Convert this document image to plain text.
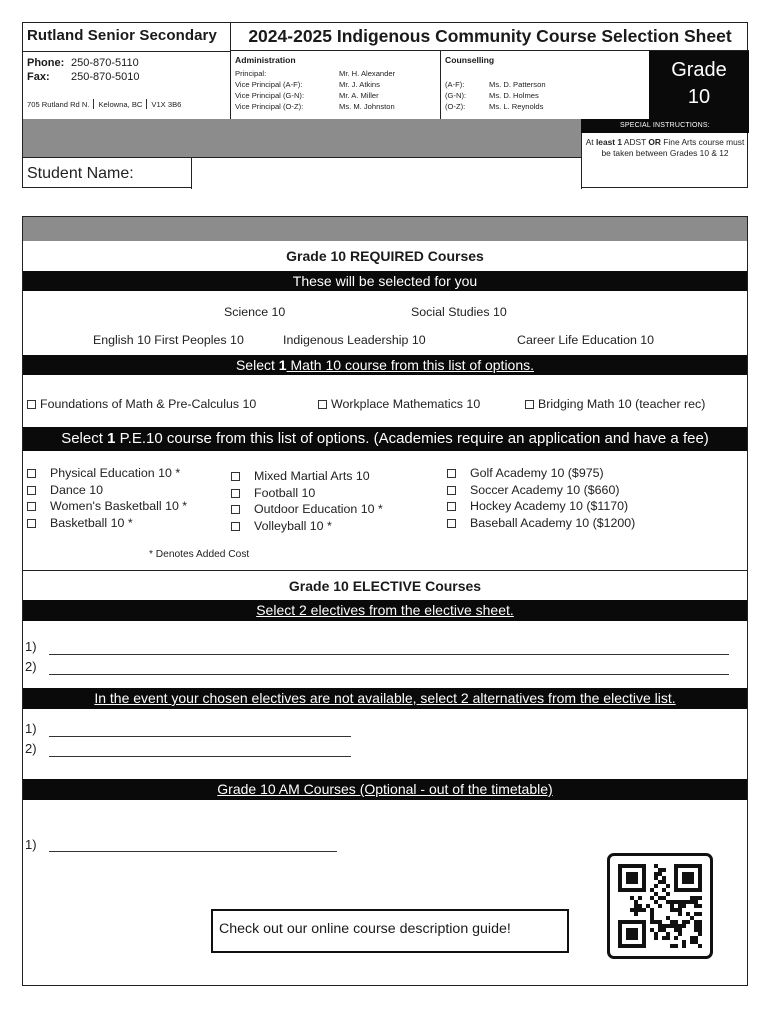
Rutland Senior Secondary
Phone: 250-870-5110
Fax: 250-870-5010
705 Rutland Rd N. Kelowna, BC V1X 3B6
2024-2025 Indigenous Community Course Selection Sheet
Administration
Principal:	Mr. H. Alexander
Vice Principal (A-F):	Mr. J. Atkins
Vice Principal (G-N):	Mr. A. Miller
Vice Principal (O-Z):	Ms. M. Johnston
Counselling
(A-F):	Ms. D. Patterson
(G-N):	Ms. D. Holmes
(O-Z):	Ms. L. Reynolds
Grade
10
SPECIAL INSTRUCTIONS:
At least 1 ADST OR Fine Arts course must be taken between Grades 10 & 12
Student Name:
Grade 10 REQUIRED Courses
These will be selected for you
Science 10	Social Studies 10
English 10 First Peoples 10	Indigenous Leadership 10	Career Life Education 10
Select 1 Math 10 course from this list of options.
Foundations of Math & Pre-Calculus 10	Workplace Mathematics 10	Bridging Math 10 (teacher rec)
Select 1 P.E.10 course from this list of options. (Academies require an application and have a fee)
Physical Education 10 *
Dance 10
Women's Basketball 10 *
Basketball 10 *
Mixed Martial Arts 10
Football 10
Outdoor Education 10 *
Volleyball 10 *
Golf Academy 10 ($975)
Soccer Academy 10 ($660)
Hockey Academy 10 ($1170)
Baseball Academy 10 ($1200)
* Denotes Added Cost
Grade 10 ELECTIVE Courses
Select 2 electives from the elective sheet.
1)
2)
In the event your chosen electives are not available, select 2 alternatives from the elective list.
1)
2)
Grade 10 AM Courses (Optional - out of the timetable)
1)
Check out our online course description guide!
